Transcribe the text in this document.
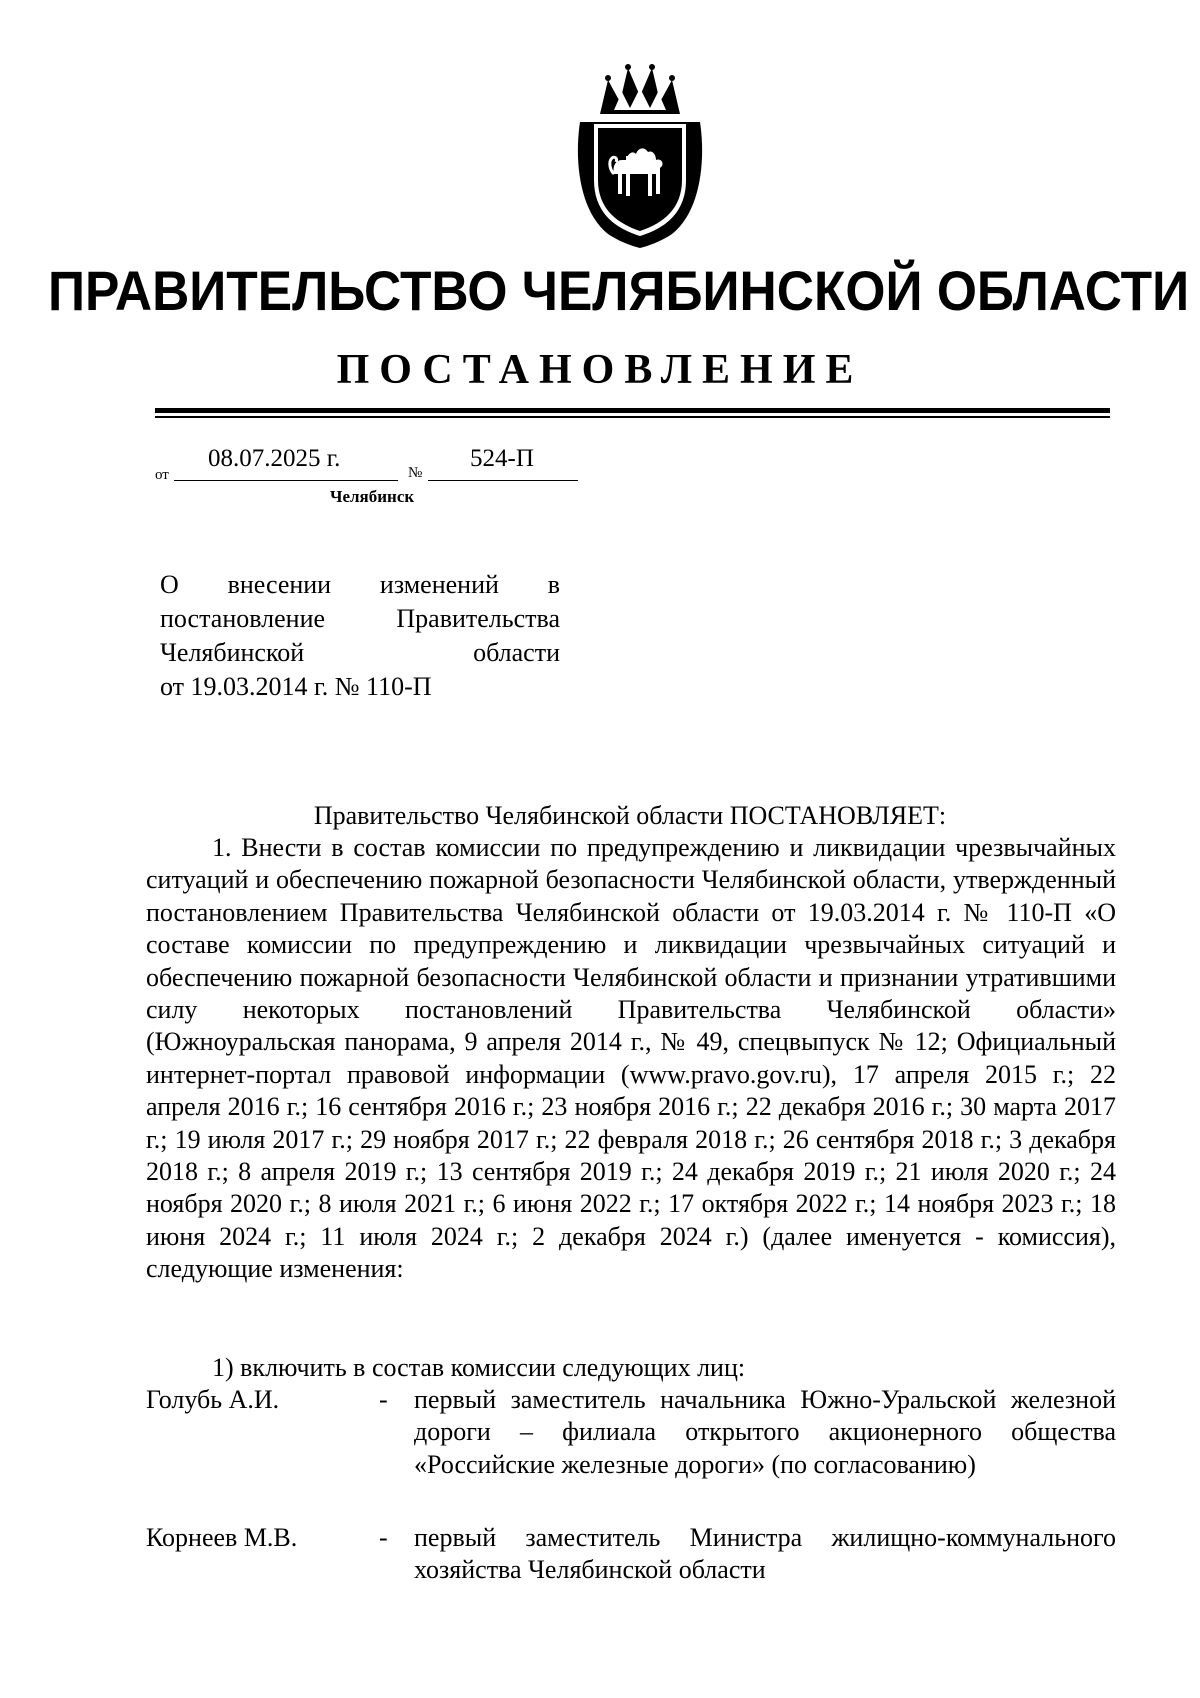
ПРАВИТЕЛЬСТВО ЧЕЛЯБИНСКОЙ ОБЛАСТИ
ПОСТАНОВЛЕНИЕ
от
08.07.2025 г.
№
524-П
Челябинск
О внесении изменений в
постановление Правительства
Челябинской области
от 19.03.2014 г. № 110-П
Правительство Челябинской области ПОСТАНОВЛЯЕТ:

1. Внести в состав комиссии по предупреждению и ликвидации чрезвычайных ситуаций и обеспечению пожарной безопасности Челябинской области, утвержденный постановлением Правительства Челябинской области от 19.03.2014 г. № 110-П «О составе комиссии по предупреждению и ликвидации чрезвычайных ситуаций и обеспечению пожарной безопасности Челябинской области и признании утратившими силу некоторых постановлений Правительства Челябинской области» (Южноуральская панорама, 9 апреля 2014 г., № 49, спецвыпуск № 12; Официальный интернет-портал правовой информации (www.pravo.gov.ru), 17 апреля 2015 г.; 22 апреля 2016 г.; 16 сентября 2016 г.; 23 ноября 2016 г.; 22 декабря 2016 г.; 30 марта 2017 г.; 19 июля 2017 г.; 29 ноября 2017 г.; 22 февраля 2018 г.; 26 сентября 2018 г.; 3 декабря 2018 г.; 8 апреля 2019 г.; 13 сентября 2019 г.; 24 декабря 2019 г.; 21 июля 2020 г.; 24 ноября 2020 г.; 8 июля 2021 г.; 6 июня 2022 г.; 17 октября 2022 г.; 14 ноября 2023 г.; 18 июня 2024 г.; 11 июля 2024 г.; 2 декабря 2024 г.) (далее именуется - комиссия), следующие изменения:

1) включить в состав комиссии следующих лиц:
Голубь А.И.	- первый заместитель начальника Южно-Уральской железной дороги – филиала открытого акционерного общества «Российские железные дороги» (по согласованию)
Корнеев М.В.	- первый заместитель Министра жилищно-коммунального хозяйства Челябинской области
